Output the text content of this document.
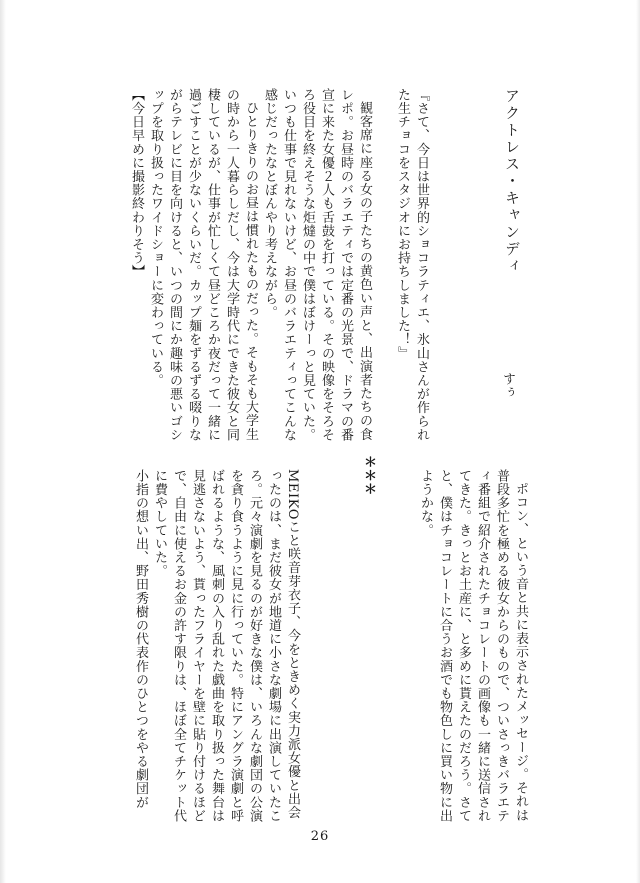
アクトレス・キャンディ
すぅ
『さて、今日は世界的ショコラティエ、氷山さんが作られ
た生チョコをスタジオにお持ちしました！』
観客席に座る女の子たちの黄色い声と、出演者たちの食
レポ。お昼時のバラエティでは定番の光景で、ドラマの番
宣に来た女優２人も舌鼓を打っている。その映像をそろそ
ろ役目を終えそうな炬燵の中で僕はぼけーっと見ていた。
いつも仕事で見れないけど、お昼のバラエティってこんな
感じだったなとぼんやり考えながら。
ひとりきりのお昼は慣れたものだった。そもそも大学生
の時から一人暮らしだし、今は大学時代にできた彼女と同
棲しているが、仕事が忙しくて昼どころか夜だって一緒に
過ごすことが少ないくらいだ。カップ麺をずるずる啜りな
がらテレビに目を向けると、いつの間にか趣味の悪いゴシ
ップを取り扱ったワイドショーに変わっている。
【今日早めに撮影終わりそう】
ポコン、という音と共に表示されたメッセージ。それは
普段多忙を極める彼女からのもので、ついさっきバラエテ
ィ番組で紹介されたチョコレートの画像も一緒に送信され
てきた。きっとお土産に、と多めに貰えたのだろう。さて
と、僕はチョコレートに合うお酒でも物色しに買い物に出
ようかな。
＊＊＊
MEIKOこと咲音芽衣子、今をときめく実力派女優と出会
ったのは、まだ彼女が地道に小さな劇場に出演していたこ
ろ。元々演劇を見るのが好きな僕は、いろんな劇団の公演
を貪り食うように見に行っていた。特にアングラ演劇と呼
ばれるような、風刺の入り乱れた戯曲を取り扱った舞台は
見逃さないよう、貰ったフライヤーを壁に貼り付けるほど
で、自由に使えるお金の許す限りは、ほぼ全てチケット代
に費やしていた。
小指の想い出、野田秀樹の代表作のひとつをやる劇団が
26
